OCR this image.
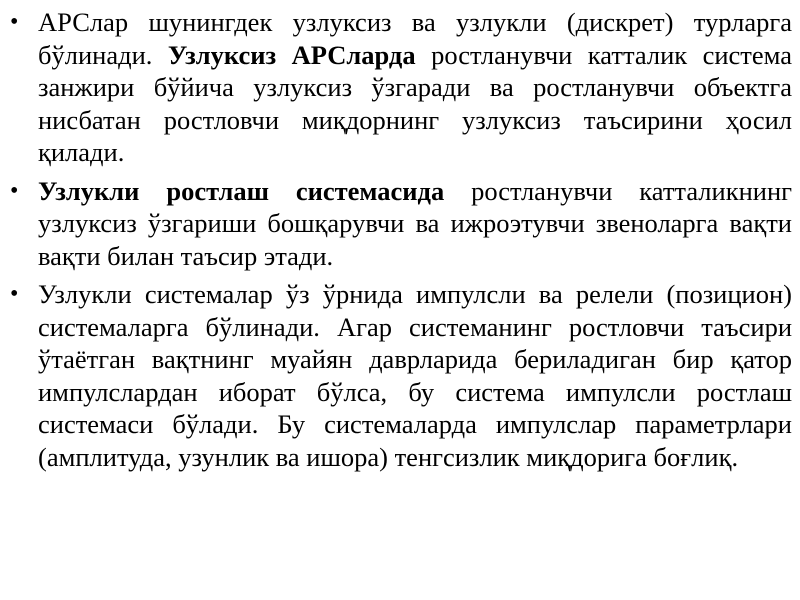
• АРСлар шунингдек узлуксиз ва узлукли (дискрет) турларга бўлинади. Узлуксиз АРСларда ростланувчи катталик система занжири бўйича узлуксиз ўзгаради ва ростланувчи объектга нисбатан ростловчи миқдорнинг узлуксиз таъсирини ҳосил қилади.
• Узлукли ростлаш системасида ростланувчи катталикнинг узлуксиз ўзгариши бошқарувчи ва ижроэтувчи звеноларга вақти вақти билан таъсир этади.
• Узлукли системалар ўз ўрнида импулсли ва релели (позицион) системаларга бўлинади. Агар системанинг ростловчи таъсири ўтаётган вақтнинг муайян даврларида бериладиган бир қатор импулслардан иборат бўлса, бу система импулсли ростлаш системаси бўлади. Бу системаларда импулслар параметрлари (амплитуда, узунлик ва ишора) тенгсизлик миқдорига боғлиқ.
